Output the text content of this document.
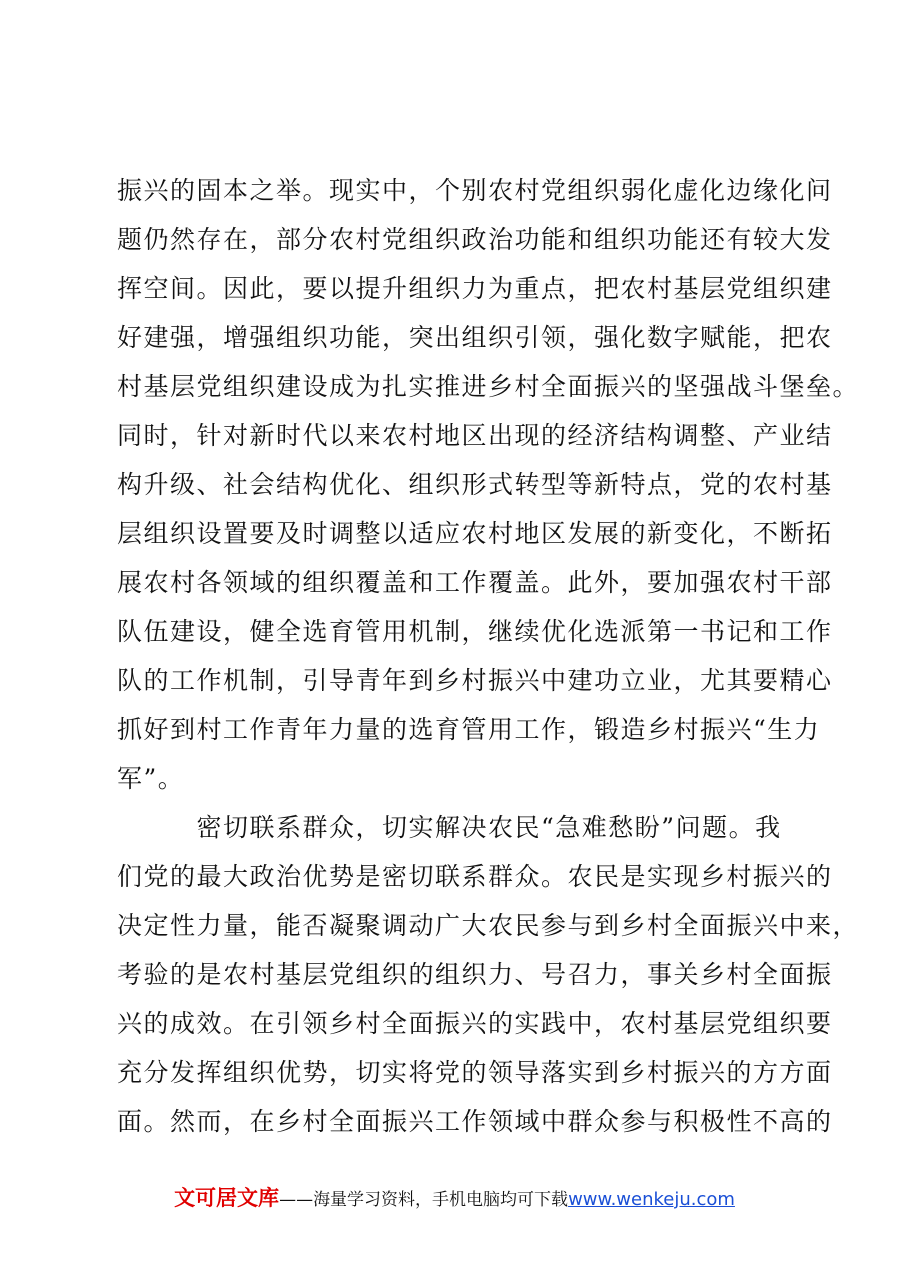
振兴的固本之举。现实中，个别农村党组织弱化虚化边缘化问
题仍然存在，部分农村党组织政治功能和组织功能还有较大发
挥空间。因此，要以提升组织力为重点，把农村基层党组织建
好建强，增强组织功能，突出组织引领，强化数字赋能，把农
村基层党组织建设成为扎实推进乡村全面振兴的坚强战斗堡垒。
同时，针对新时代以来农村地区出现的经济结构调整、产业结
构升级、社会结构优化、组织形式转型等新特点，党的农村基
层组织设置要及时调整以适应农村地区发展的新变化，不断拓
展农村各领域的组织覆盖和工作覆盖。此外，要加强农村干部
队伍建设，健全选育管用机制，继续优化选派第一书记和工作
队的工作机制，引导青年到乡村振兴中建功立业，尤其要精心
抓好到村工作青年力量的选育管用工作，锻造乡村振兴“生力
军”。
　　　密切联系群众，切实解决农民“急难愁盼”问题。我
们党的最大政治优势是密切联系群众。农民是实现乡村振兴的
决定性力量，能否凝聚调动广大农民参与到乡村全面振兴中来，
考验的是农村基层党组织的组织力、号召力，事关乡村全面振
兴的成效。在引领乡村全面振兴的实践中，农村基层党组织要
充分发挥组织优势，切实将党的领导落实到乡村振兴的方方面
面。然而，在乡村全面振兴工作领域中群众参与积极性不高的
文可居文库——海量学习资料，手机电脑均可下载www.wenkeju.com
